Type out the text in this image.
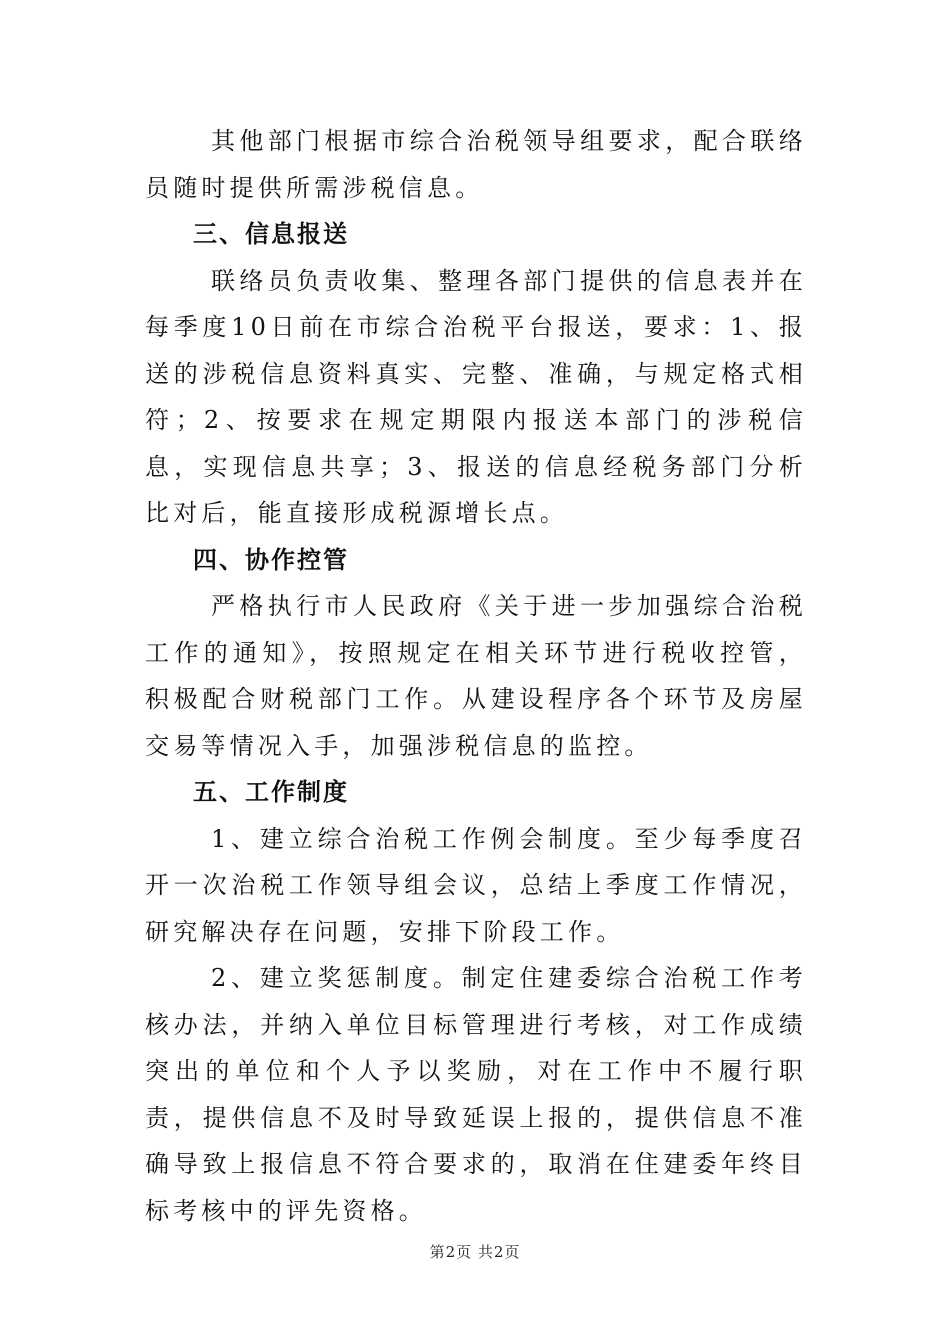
其他部门根据市综合治税领导组要求，配合联络员随时提供所需涉税信息。

三、信息报送

联络员负责收集、整理各部门提供的信息表并在每季度10日前在市综合治税平台报送，要求：1、报送的涉税信息资料真实、完整、准确，与规定格式相符；2、按要求在规定期限内报送本部门的涉税信息，实现信息共享；3、报送的信息经税务部门分析比对后，能直接形成税源增长点。

四、协作控管

严格执行市人民政府《关于进一步加强综合治税工作的通知》，按照规定在相关环节进行税收控管，积极配合财税部门工作。从建设程序各个环节及房屋交易等情况入手，加强涉税信息的监控。

五、工作制度

1、建立综合治税工作例会制度。至少每季度召开一次治税工作领导组会议，总结上季度工作情况，研究解决存在问题，安排下阶段工作。

2、建立奖惩制度。制定住建委综合治税工作考核办法，并纳入单位目标管理进行考核，对工作成绩突出的单位和个人予以奖励，对在工作中不履行职责，提供信息不及时导致延误上报的，提供信息不准确导致上报信息不符合要求的，取消在住建委年终目标考核中的评先资格。

第2页 共2页
